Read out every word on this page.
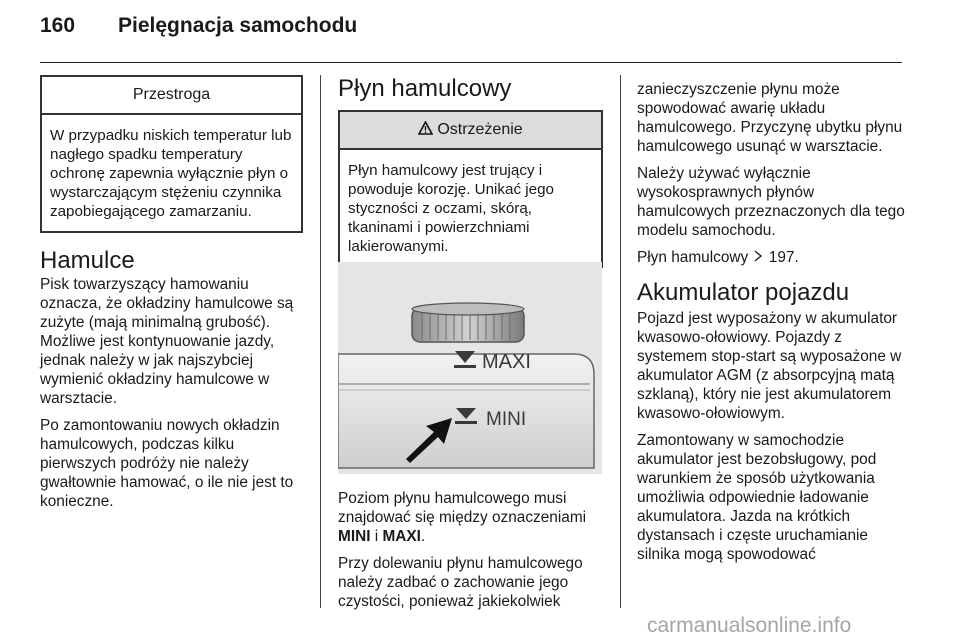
160 Pielęgnacja samochodu
Przestroga
W przypadku niskich temperatur lub nagłego spadku temperatury ochronę zapewnia wyłącznie płyn o wystarczającym stężeniu czynnika zapobiegającego zamarzaniu.
Hamulce

Pisk towarzyszący hamowaniu oznacza, że okładziny hamulcowe są zużyte (mają minimalną grubość). Możliwe jest kontynuowanie jazdy, jednak należy w jak najszybciej wymienić okładziny hamulcowe w warsztacie.

Po zamontowaniu nowych okładzin hamulcowych, podczas kilku pierwszych podróży nie należy gwałtownie hamować, o ile nie jest to konieczne.

Płyn hamulcowy
Ostrzeżenie
Płyn hamulcowy jest trujący i powoduje korozję. Unikać jego styczności z oczami, skórą, tkaninami i powierzchniami lakierowanymi.
MAXI
MINI

Poziom płynu hamulcowego musi znajdować się między oznaczeniami MINI i MAXI.

Przy dolewaniu płynu hamulcowego należy zadbać o zachowanie jego czystości, ponieważ jakiekolwiek

zanieczyszczenie płynu może spowodować awarię układu hamulcowego. Przyczynę ubytku płynu hamulcowego usunąć w warsztacie.

Należy używać wyłącznie wysokosprawnych płynów hamulcowych przeznaczonych dla tego modelu samochodu.

Płyn hamulcowy  197.

Akumulator pojazdu

Pojazd jest wyposażony w akumulator kwasowo-ołowiowy. Pojazdy z systemem stop-start są wyposażone w akumulator AGM (z absorpcyjną matą szklaną), który nie jest akumulatorem kwasowo-ołowiowym.

Zamontowany w samochodzie akumulator jest bezobsługowy, pod warunkiem że sposób użytkowania umożliwia odpowiednie ładowanie akumulatora. Jazda na krótkich dystansach i częste uruchamianie silnika mogą spowodować

carmanualsonline.info
